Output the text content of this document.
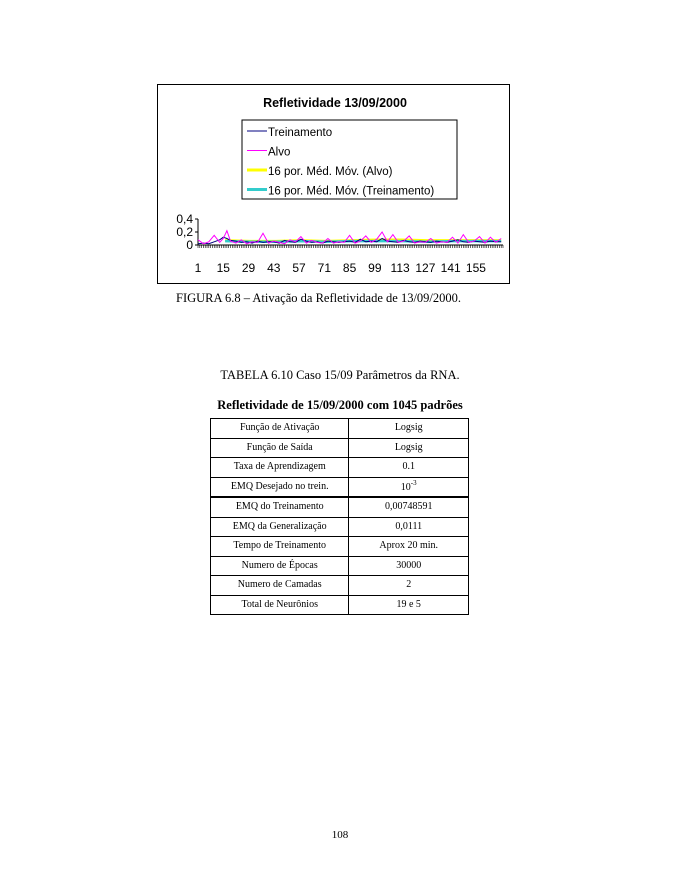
Refletividade 13/09/2000
Treinamento
Alvo
16 por. Méd. Móv. (Alvo)
16 por. Méd. Móv. (Treinamento)
0,4
0,2
0
1 15 29 43 57 71 85 99 113 127 141 155
FIGURA 6.8 – Ativação da Refletividade de 13/09/2000.
TABELA 6.10 Caso 15/09 Parâmetros da RNA.
Refletividade de 15/09/2000 com 1045 padrões
Função de Ativação	Logsig
Função de Saída	Logsig
Taxa de Aprendizagem	0.1
EMQ Desejado no trein.	$10^{-3}$
EMQ do Treinamento	0,00748591
EMQ da Generalização	0,0111
Tempo de Treinamento	Aprox 20 min.
Numero de Épocas	30000
Numero de Camadas	2
Total de Neurônios	19 e 5
108
